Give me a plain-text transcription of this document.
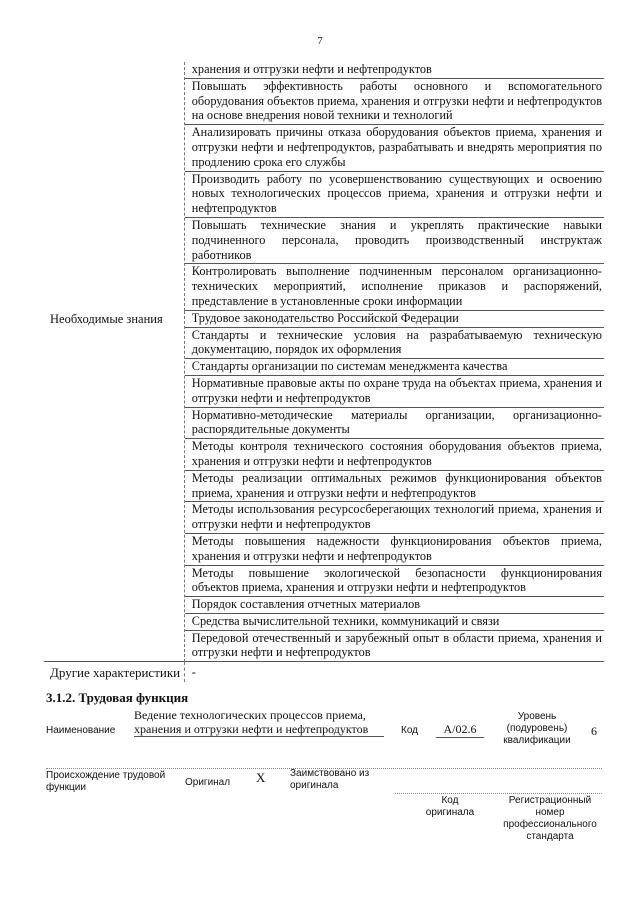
7
хранения и отгрузки нефти и нефтепродуктов
Повышать эффективность работы основного и вспомогательного оборудования объектов приема, хранения и отгрузки нефти и нефтепродуктов на основе внедрения новой техники и технологий
Анализировать причины отказа оборудования объектов приема, хранения и отгрузки нефти и нефтепродуктов, разрабатывать и внедрять мероприятия по продлению срока его службы
Производить работу по усовершенствованию существующих и освоению новых технологических процессов приема, хранения и отгрузки нефти и нефтепродуктов
Повышать технические знания и укреплять практические навыки подчиненного персонала, проводить производственный инструктаж работников
Контролировать выполнение подчиненным персоналом организационно-технических мероприятий, исполнение приказов и распоряжений, представление в установленные сроки информации
Необходимые знания	Трудовое законодательство Российской Федерации
Стандарты и технические условия на разрабатываемую техническую документацию, порядок их оформления
Стандарты организации по системам менеджмента качества
Нормативные правовые акты по охране труда на объектах приема, хранения и отгрузки нефти и нефтепродуктов
Нормативно-методические материалы организации, организационно-распорядительные документы
Методы контроля технического состояния оборудования объектов приема, хранения и отгрузки нефти и нефтепродуктов
Методы реализации оптимальных режимов функционирования объектов приема, хранения и отгрузки нефти и нефтепродуктов
Методы использования ресурсосберегающих технологий приема, хранения и отгрузки нефти и нефтепродуктов
Методы повышения надежности функционирования объектов приема, хранения и отгрузки нефти и нефтепродуктов
Методы повышение экологической безопасности функционирования объектов приема, хранения и отгрузки нефти и нефтепродуктов
Порядок составления отчетных материалов
Средства вычислительной техники, коммуникаций и связи
Передовой отечественный и зарубежный опыт в области приема, хранения и отгрузки нефти и нефтепродуктов
Другие характеристики -
3.1.2. Трудовая функция
Наименование
Ведение технологических процессов приема, хранения и отгрузки нефти и нефтепродуктов	Код	А/02.6
Уровень (подуровень) квалификации
6
Происхождение трудовой функции	Оригинал X Заимствовано из оригинала
Код оригинала
Регистрационный номер профессионального стандарта
